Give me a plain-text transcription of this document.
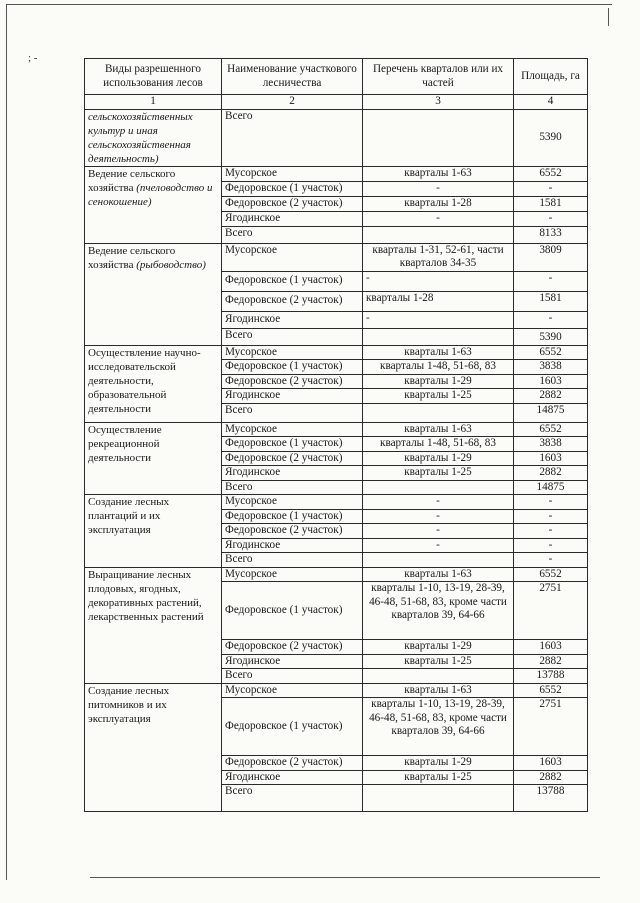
; -
Виды разрешенного использования лесов	Наименование участкового лесничества	Перечень кварталов или их частей	Площадь, га
1	2	3	4
сельскохозяйственных культур и иная сельскохозяйственная деятельность)	Всего		5390
Ведение сельского хозяйства (пчеловодство и сенокошение)	Мусорское	кварталы 1-63	6552
	Федоровское (1 участок)	-	-
	Федоровское (2 участок)	кварталы 1-28	1581
	Ягодинское	-	-
	Всего		8133
Ведение сельского хозяйства (рыбоводство)	Мусорское	кварталы 1-31, 52-61, части кварталов 34-35	3809
	Федоровское (1 участок)	-	-
	Федоровское (2 участок)	кварталы 1-28	1581
	Ягодинское	-	-
	Всего		5390
Осуществление научно-исследовательской деятельности, образовательной деятельности	Мусорское	кварталы 1-63	6552
	Федоровское (1 участок)	кварталы 1-48, 51-68, 83	3838
	Федоровское (2 участок)	кварталы 1-29	1603
	Ягодинское	кварталы 1-25	2882
	Всего		14875
Осуществление рекреационной деятельности	Мусорское	кварталы 1-63	6552
	Федоровское (1 участок)	кварталы 1-48, 51-68, 83	3838
	Федоровское (2 участок)	кварталы 1-29	1603
	Ягодинское	кварталы 1-25	2882
	Всего		14875
Создание лесных плантаций и их эксплуатация	Мусорское	-	-
	Федоровское (1 участок)	-	-
	Федоровское (2 участок)	-	-
	Ягодинское	-	-
	Всего		-
Выращивание лесных плодовых, ягодных, декоративных растений, лекарственных растений	Мусорское	кварталы 1-63	6552
	Федоровское (1 участок)	кварталы 1-10, 13-19, 28-39, 46-48, 51-68, 83, кроме части кварталов 39, 64-66	2751
	Федоровское (2 участок)	кварталы 1-29	1603
	Ягодинское	кварталы 1-25	2882
	Всего		13788
Создание лесных питомников и их эксплуатация	Мусорское	кварталы 1-63	6552
	Федоровское (1 участок)	кварталы 1-10, 13-19, 28-39, 46-48, 51-68, 83, кроме части кварталов 39, 64-66	2751
	Федоровское (2 участок)	кварталы 1-29	1603
	Ягодинское	кварталы 1-25	2882
	Всего		13788
